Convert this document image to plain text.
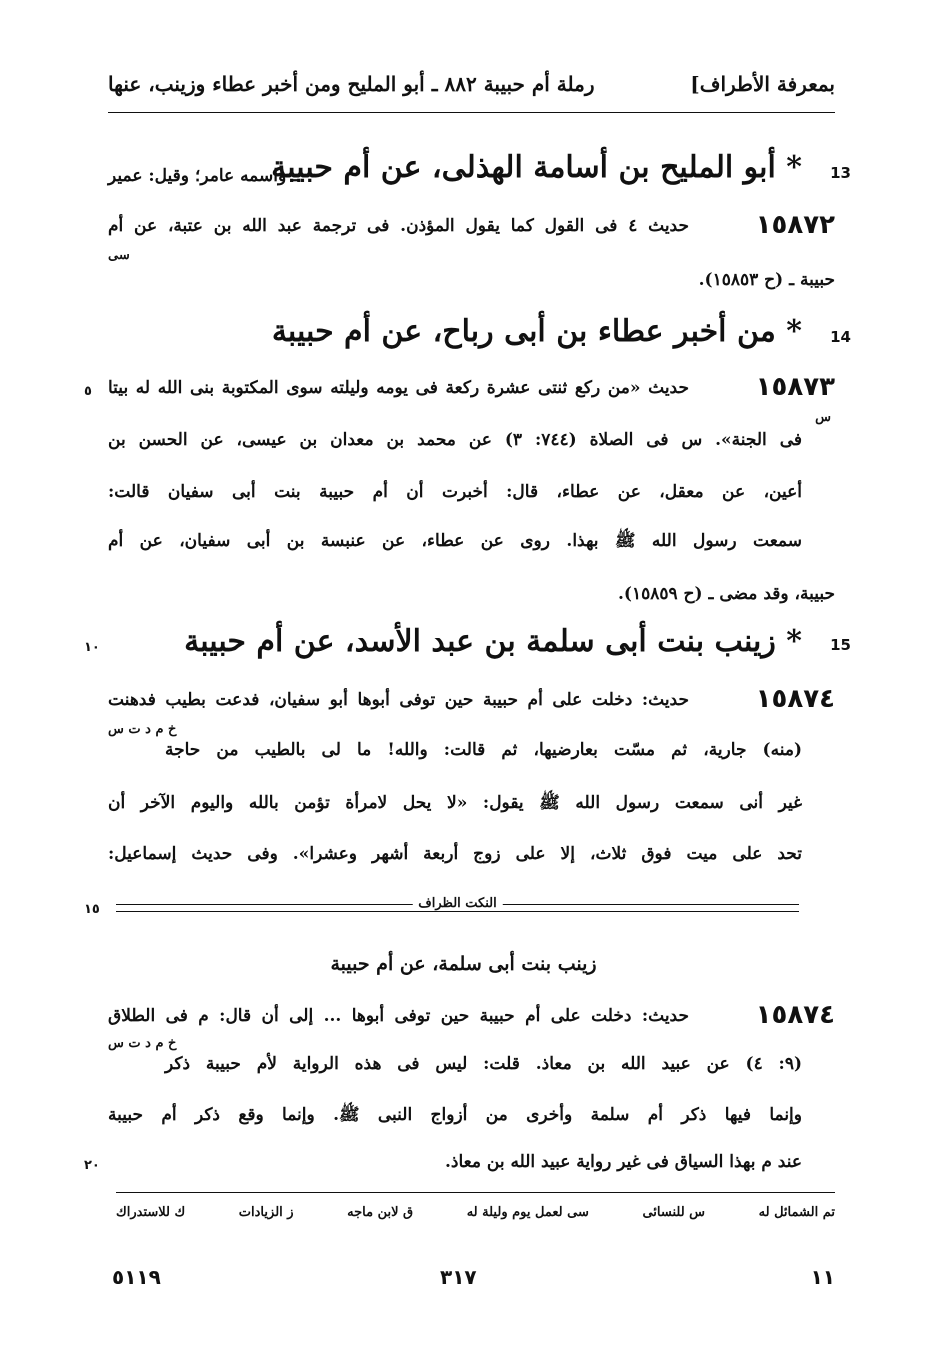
بمعرفة الأطراف]
رملة أم حبيبة ٨٨٢ ـ أبو المليح ومن أخبر عطاء وزينب، عنها
13
* أبو المليح بن أسامة الهذلى، عن أم حبيبة
ـ واسمه عامر؛ وقيل: عمير
١٥٨٧٢
سى
حديث ٤ فى القول كما يقول المؤذن. فى ترجمة عبد الله بن عتبة، عن أم
حبيبة ـ (ح ١٥٨٥٣).
14
* من أخبر عطاء بن أبى رباح، عن أم حبيبة
١٥٨٧٣
س
٥ حديث «من ركع ثنتى عشرة ركعة فى يومه وليلته سوى المكتوبة بنى الله له بيتا
فى الجنة». س فى الصلاة (٧٤٤: ٣) عن محمد بن معدان بن عيسى، عن الحسن بن
أعين، عن معقل، عن عطاء، قال: أخبرت أن أم حبيبة بنت أبى سفيان قالت:
سمعت رسول الله ﷺ بهذا. روى عن عطاء، عن عنبسة بن أبى سفيان، عن أم
حبيبة، وقد مضى ـ (ح ١٥٨٥٩).
15
* زينب بنت أبى سلمة بن عبد الأسد، عن أم حبيبة
١٠
١٥٨٧٤
خ م د ت س
حديث: دخلت على أم حبيبة حين توفى أبوها أبو سفيان، فدعت بطيب فدهنت
(منه) جارية، ثم مسّت بعارضيها، ثم قالت: والله! ما لى بالطيب من حاجة
غير أنى سمعت رسول الله ﷺ يقول: «لا يحل لامرأة تؤمن بالله واليوم الآخر أن
تحد على ميت فوق ثلاث، إلا على زوج أربعة أشهر وعشرا». وفى حديث إسماعيل:
النكت الظراف
١٥
زينب بنت أبى سلمة، عن أم حبيبة
١٥٨٧٤
خ م د ت س
حديث: دخلت على أم حبيبة حين توفى أبوها ... إلى أن قال: م فى الطلاق
(٩: ٤) عن عبيد الله بن معاذ. قلت: ليس فى هذه الرواية لأم حبيبة ذكر
وإنما فيها ذكر أم سلمة وأخرى من أزواج النبى ﷺ. وإنما وقع ذكر أم حبيبة
عند م بهذا السياق فى غير رواية عبيد الله بن معاذ.
٢٠
تم الشمائل له
س للنسائى
سى لعمل يوم وليلة له
ق لابن ماجه
ز الزيادات
ك للاستدراك
١١
٣١٧
٥١١٩
